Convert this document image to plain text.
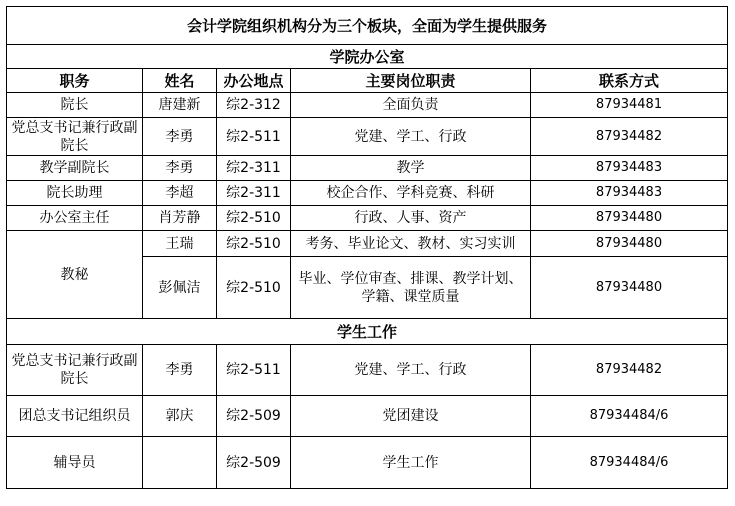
会计学院组织机构分为三个板块，全面为学生提供服务				
学院办公室				
职务	姓名	办公地点	主要岗位职责	联系方式
院长	唐建新	综2-312	全面负责	87934481
党总支书记兼行政副院长	李勇	综2-511	党建、学工、行政	87934482
教学副院长	李勇	综2-311	教学	87934483
院长助理	李超	综2-311	校企合作、学科竞赛、科研	87934483
办公室主任	肖芳静	综2-510	行政、人事、资产	87934480
教秘	王瑞	综2-510	考务、毕业论文、教材、实习实训	87934480
	彭佩洁	综2-510	毕业、学位审查、排课、教学计划、学籍、课堂质量	87934480
学生工作				
党总支书记兼行政副院长	李勇	综2-511	党建、学工、行政	87934482
团总支书记组织员	郭庆	综2-509	党团建设	87934484/6
辅导员		综2-509	学生工作	87934484/6
